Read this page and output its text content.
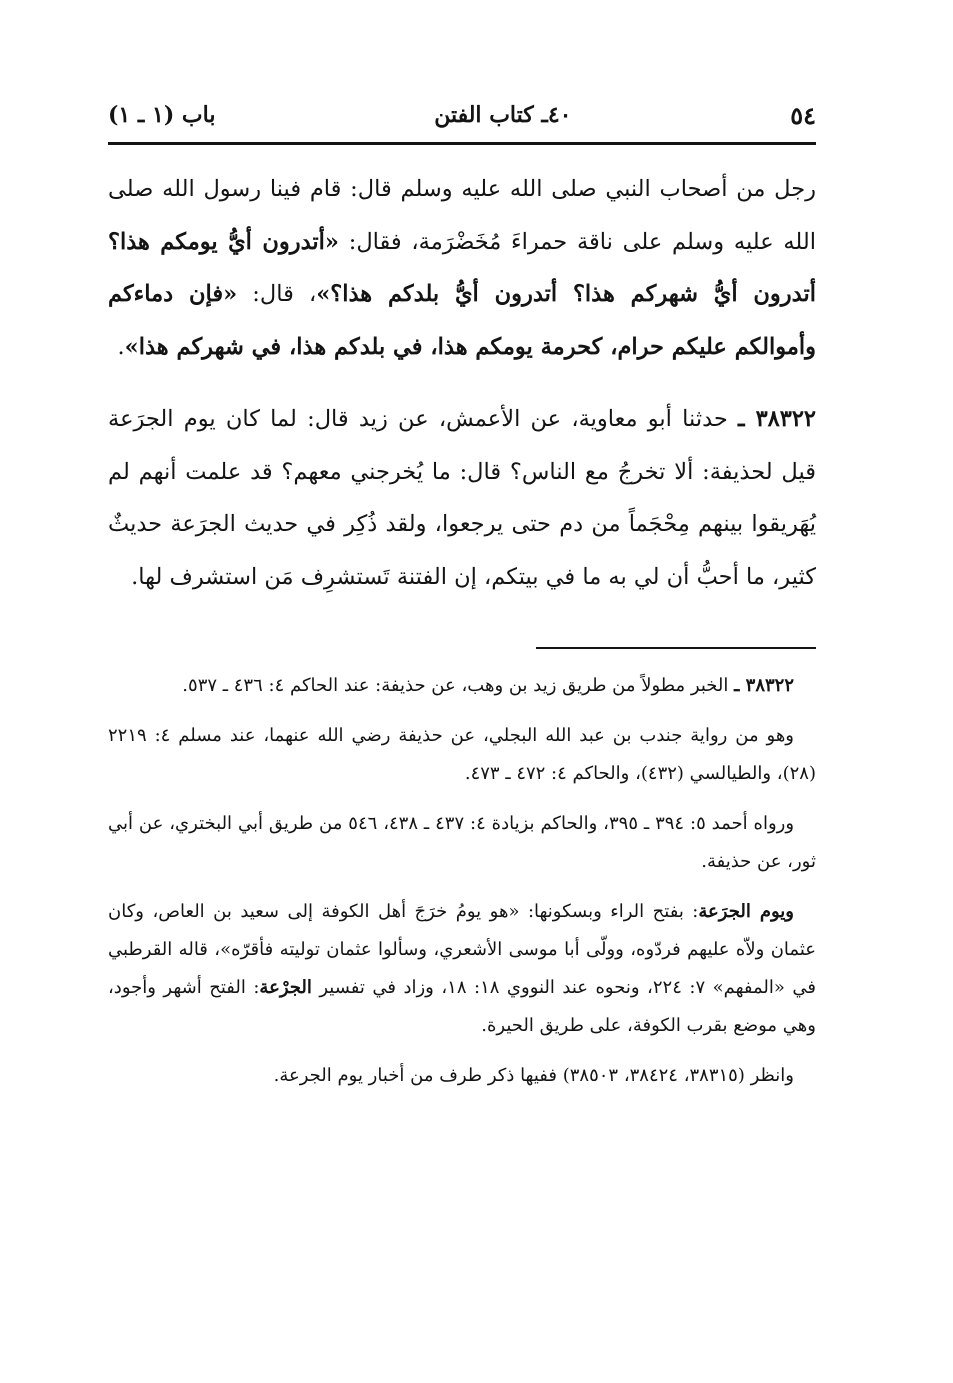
٥٤
٤٠ـ كتاب الفتن
باب (١ ـ ١)

رجل من أصحاب النبي صلى الله عليه وسلم قال: قام فينا رسول الله صلى الله عليه وسلم على ناقة حمراءَ مُخَضْرَمة، فقال: «أتدرون أيُّ يومكم هذا؟ أتدرون أيُّ شهركم هذا؟ أتدرون أيُّ بلدكم هذا؟»، قال: «فإن دماءكم وأموالكم عليكم حرام، كحرمة يومكم هذا، في بلدكم هذا، في شهركم هذا».

٣٨٣٢٢ ـ حدثنا أبو معاوية، عن الأعمش، عن زيد قال: لما كان يوم الجرَعة قيل لحذيفة: ألا تخرجُ مع الناس؟ قال: ما يُخرجني معهم؟ قد علمت أنهم لم يُهَريقوا بينهم مِحْجَماً من دم حتى يرجعوا، ولقد ذُكِر في حديث الجرَعة حديثٌ كثير، ما أحبُّ أن لي به ما في بيتكم، إن الفتنة تَستشرِف مَن استشرف لها.

٣٨٣٢٢ ـ الخبر مطولاً من طريق زيد بن وهب، عن حذيفة: عند الحاكم ٤: ٤٣٦ ـ ٥٣٧.

وهو من رواية جندب بن عبد الله البجلي، عن حذيفة رضي الله عنهما، عند مسلم ٤: ٢٢١٩ (٢٨)، والطيالسي (٤٣٢)، والحاكم ٤: ٤٧٢ ـ ٤٧٣.

ورواه أحمد ٥: ٣٩٤ ـ ٣٩٥، والحاكم بزيادة ٤: ٤٣٧ ـ ٤٣٨، ٥٤٦ من طريق أبي البختري، عن أبي ثور، عن حذيفة.

ويوم الجرَعة: بفتح الراء وبسكونها: «هو يومُ خرَجَ أهل الكوفة إلى سعيد بن العاص، وكان عثمان ولاّه عليهم فردّوه، وولّى أبا موسى الأشعري، وسألوا عثمان توليته فأقرّه»، قاله القرطبي في «المفهم» ٧: ٢٢٤، ونحوه عند النووي ١٨: ١٨، وزاد في تفسير الجرْعة: الفتح أشهر وأجود، وهي موضع بقرب الكوفة، على طريق الحيرة.

وانظر (٣٨٣١٥، ٣٨٤٢٤، ٣٨٥٠٣) ففيها ذكر طرف من أخبار يوم الجرعة.
